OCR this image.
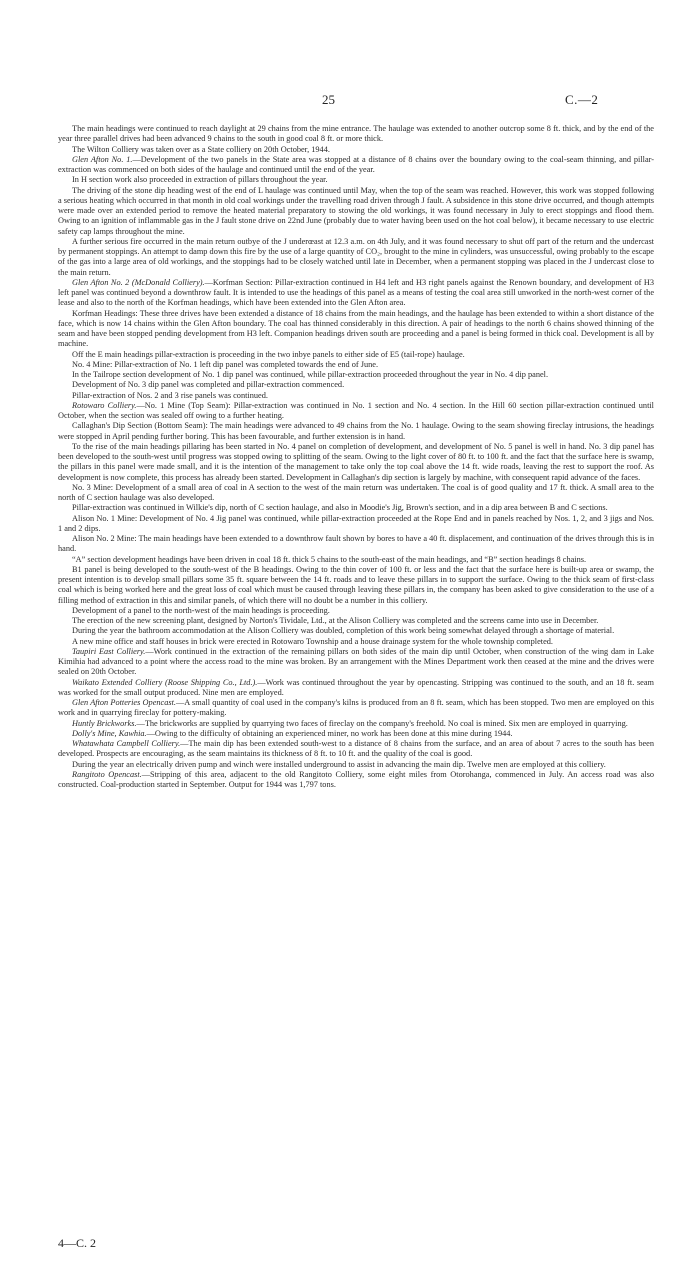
25	C.—2

The main headings were continued to reach daylight at 29 chains from the mine entrance. The haulage was extended to another outcrop some 8 ft. thick, and by the end of the year three parallel drives had been advanced 9 chains to the south in good coal 8 ft. or more thick.

The Wilton Colliery was taken over as a State colliery on 20th October, 1944.

Glen Afton No. 1.—Development of the two panels in the State area was stopped at a distance of 8 chains over the boundary owing to the coal-seam thinning, and pillar-extraction was commenced on both sides of the haulage and continued until the end of the year.

In H section work also proceeded in extraction of pillars throughout the year.

The driving of the stone dip heading west of the end of L haulage was continued until May, when the top of the seam was reached. However, this work was stopped following a serious heating which occurred in that month in old coal workings under the travelling road driven through J fault. A subsidence in this stone drive occurred, and though attempts were made over an extended period to remove the heated material preparatory to stowing the old workings, it was found necessary in July to erect stoppings and flood them. Owing to an ignition of inflammable gas in the J fault stone drive on 22nd June (probably due to water having been used on the hot coal below), it became necessary to use electric safety cap lamps throughout the mine.

A further serious fire occurred in the main return outbye of the J underœast at 12.3 a.m. on 4th July, and it was found necessary to shut off part of the return and the undercast by permanent stoppings. An attempt to damp down this fire by the use of a large quantity of CO₂, brought to the mine in cylinders, was unsuccessful, owing probably to the escape of the gas into a large area of old workings, and the stoppings had to be closely watched until late in December, when a permanent stopping was placed in the J undercast close to the main return.

Glen Afton No. 2 (McDonald Colliery).—Korfman Section: Pillar-extraction continued in H4 left and H3 right panels against the Renown boundary, and development of H3 left panel was continued beyond a downthrow fault. It is intended to use the headings of this panel as a means of testing the coal area still unworked in the north-west corner of the lease and also to the north of the Korfman headings, which have been extended into the Glen Afton area.

Korfman Headings: These three drives have been extended a distance of 18 chains from the main headings, and the haulage has been extended to within a short distance of the face, which is now 14 chains within the Glen Afton boundary. The coal has thinned considerably in this direction. A pair of headings to the north 6 chains showed thinning of the seam and have been stopped pending development from H3 left. Companion headings driven south are proceeding and a panel is being formed in thick coal. Development is all by machine.

Off the E main headings pillar-extraction is proceeding in the two inbye panels to either side of E5 (tail-rope) haulage.

No. 4 Mine: Pillar-extraction of No. 1 left dip panel was completed towards the end of June.

In the Tailrope section development of No. 1 dip panel was continued, while pillar-extraction proceeded throughout the year in No. 4 dip panel.

Development of No. 3 dip panel was completed and pillar-extraction commenced.

Pillar-extraction of Nos. 2 and 3 rise panels was continued.

Rotowaro Colliery.—No. 1 Mine (Top Seam): Pillar-extraction was continued in No. 1 section and No. 4 section. In the Hill 60 section pillar-extraction continued until October, when the section was sealed off owing to a further heating.

Callaghan's Dip Section (Bottom Seam): The main headings were advanced to 49 chains from the No. 1 haulage. Owing to the seam showing fireclay intrusions, the headings were stopped in April pending further boring. This has been favourable, and further extension is in hand.

To the rise of the main headings pillaring has been started in No. 4 panel on completion of development, and development of No. 5 panel is well in hand. No. 3 dip panel has been developed to the south-west until progress was stopped owing to splitting of the seam. Owing to the light cover of 80 ft. to 100 ft. and the fact that the surface here is swamp, the pillars in this panel were made small, and it is the intention of the management to take only the top coal above the 14 ft. wide roads, leaving the rest to support the roof. As development is now complete, this process has already been started. Development in Callaghan's dip section is largely by machine, with consequent rapid advance of the faces.

No. 3 Mine: Development of a small area of coal in A section to the west of the main return was undertaken. The coal is of good quality and 17 ft. thick. A small area to the north of C section haulage was also developed.

Pillar-extraction was continued in Wilkie's dip, north of C section haulage, and also in Moodie's Jig, Brown's section, and in a dip area between B and C sections.

Alison No. 1 Mine: Development of No. 4 Jig panel was continued, while pillar-extraction proceeded at the Rope End and in panels reached by Nos. 1, 2, and 3 jigs and Nos. 1 and 2 dips.

Alison No. 2 Mine: The main headings have been extended to a downthrow fault shown by bores to have a 40 ft. displacement, and continuation of the drives through this is in hand.

“A” section development headings have been driven in coal 18 ft. thick 5 chains to the south-east of the main headings, and “B” section headings 8 chains.

B1 panel is being developed to the south-west of the B headings. Owing to the thin cover of 100 ft. or less and the fact that the surface here is built-up area or swamp, the present intention is to develop small pillars some 35 ft. square between the 14 ft. roads and to leave these pillars in to support the surface. Owing to the thick seam of first-class coal which is being worked here and the great loss of coal which must be caused through leaving these pillars in, the company has been asked to give consideration to the use of a filling method of extraction in this and similar panels, of which there will no doubt be a number in this colliery.

Development of a panel to the north-west of the main headings is proceeding.

The erection of the new screening plant, designed by Norton's Tividale, Ltd., at the Alison Colliery was completed and the screens came into use in December.

During the year the bathroom accommodation at the Alison Colliery was doubled, completion of this work being somewhat delayed through a shortage of material.

A new mine office and staff houses in brick were erected in Rotowaro Township and a house drainage system for the whole township completed.

Taupiri East Colliery.—Work continued in the extraction of the remaining pillars on both sides of the main dip until October, when construction of the wing dam in Lake Kimihia had advanced to a point where the access road to the mine was broken. By an arrangement with the Mines Department work then ceased at the mine and the drives were sealed on 20th October.

Waikato Extended Colliery (Roose Shipping Co., Ltd.).—Work was continued throughout the year by opencasting. Stripping was continued to the south, and an 18 ft. seam was worked for the small output produced. Nine men are employed.

Glen Afton Potteries Opencast.—A small quantity of coal used in the company's kilns is produced from an 8 ft. seam, which has been stopped. Two men are employed on this work and in quarrying fireclay for pottery-making.

Huntly Brickworks.—The brickworks are supplied by quarrying two faces of fireclay on the company's freehold. No coal is mined. Six men are employed in quarrying.

Dolly's Mine, Kawhia.—Owing to the difficulty of obtaining an experienced miner, no work has been done at this mine during 1944.

Whatawhata Campbell Colliery.—The main dip has been extended south-west to a distance of 8 chains from the surface, and an area of about 7 acres to the south has been developed. Prospects are encouraging, as the seam maintains its thickness of 8 ft. to 10 ft. and the quality of the coal is good.

During the year an electrically driven pump and winch were installed underground to assist in advancing the main dip. Twelve men are employed at this colliery.

Rangitoto Opencast.—Stripping of this area, adjacent to the old Rangitoto Colliery, some eight miles from Otorohanga, commenced in July. An access road was also constructed. Coal-production started in September. Output for 1944 was 1,797 tons.

4—C. 2
